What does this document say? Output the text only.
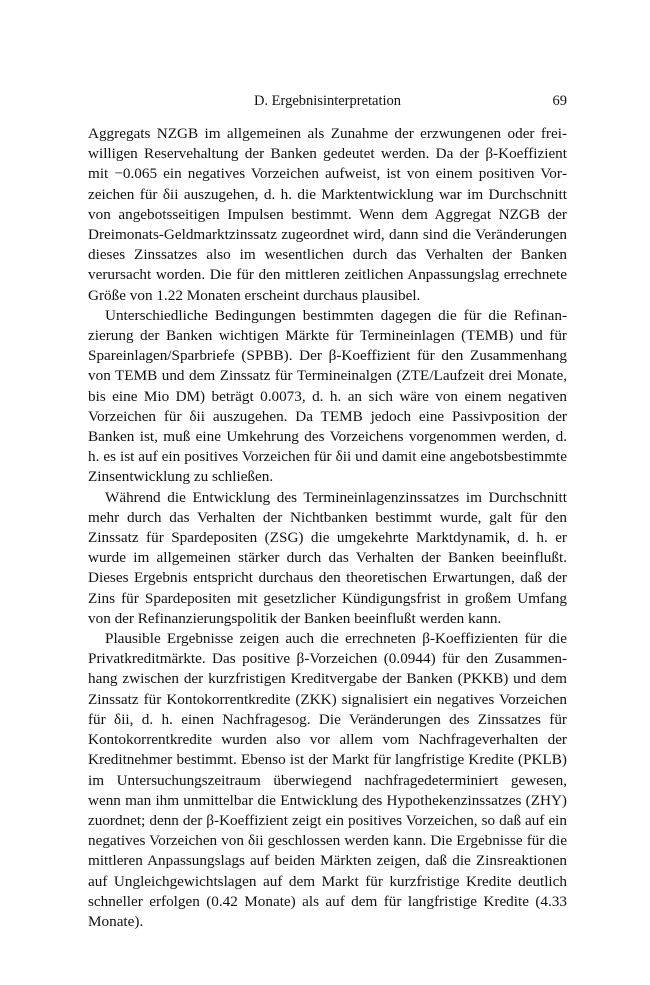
D. Ergebnisinterpretation	69

Aggregats NZGB im allgemeinen als Zunahme der erzwungenen oder freiwilligen Reservehaltung der Banken gedeutet werden. Da der β-Koeffizient mit −0.065 ein negatives Vorzeichen aufweist, ist von einem positiven Vorzeichen für δii auszugehen, d. h. die Marktentwicklung war im Durchschnitt von angebotsseitigen Impulsen bestimmt. Wenn dem Aggregat NZGB der Dreimonats-Geldmarktzinssatz zugeordnet wird, dann sind die Veränderungen dieses Zinssatzes also im wesentlichen durch das Verhalten der Banken verursacht worden. Die für den mittleren zeitlichen Anpassungslag errechnete Größe von 1.22 Monaten erscheint durchaus plausibel.

Unterschiedliche Bedingungen bestimmten dagegen die für die Refinanzierung der Banken wichtigen Märkte für Termineinlagen (TEMB) und für Spareinlagen/Sparbriefe (SPBB). Der β-Koeffizient für den Zusammenhang von TEMB und dem Zinssatz für Termineinalgen (ZTE/Laufzeit drei Monate, bis eine Mio DM) beträgt 0.0073, d. h. an sich wäre von einem negativen Vorzeichen für δii auszugehen. Da TEMB jedoch eine Passivposition der Banken ist, muß eine Umkehrung des Vorzeichens vorgenommen werden, d. h. es ist auf ein positives Vorzeichen für δii und damit eine angebotsbestimmte Zinsentwicklung zu schließen.

Während die Entwicklung des Termineinlagenzinssatzes im Durchschnitt mehr durch das Verhalten der Nichtbanken bestimmt wurde, galt für den Zinssatz für Spardepositen (ZSG) die umgekehrte Marktdynamik, d. h. er wurde im allgemeinen stärker durch das Verhalten der Banken beeinflußt. Dieses Ergebnis entspricht durchaus den theoretischen Erwartungen, daß der Zins für Spardepositen mit gesetzlicher Kündigungsfrist in großem Umfang von der Refinanzierungspolitik der Banken beeinflußt werden kann.

Plausible Ergebnisse zeigen auch die errechneten β-Koeffizienten für die Privatkreditmärkte. Das positive β-Vorzeichen (0.0944) für den Zusammenhang zwischen der kurzfristigen Kreditvergabe der Banken (PKKB) und dem Zinssatz für Kontokorrentkredite (ZKK) signalisiert ein negatives Vorzeichen für δii, d. h. einen Nachfragesog. Die Veränderungen des Zinssatzes für Kontokorrentkredite wurden also vor allem vom Nachfrageverhalten der Kreditnehmer bestimmt. Ebenso ist der Markt für langfristige Kredite (PKLB) im Untersuchungszeitraum überwiegend nachfragedeterminiert gewesen, wenn man ihm unmittelbar die Entwicklung des Hypothekenzinssatzes (ZHY) zuordnet; denn der β-Koeffizient zeigt ein positives Vorzeichen, so daß auf ein negatives Vorzeichen von δii geschlossen werden kann. Die Ergebnisse für die mittleren Anpassungslags auf beiden Märkten zeigen, daß die Zinsreaktionen auf Ungleichgewichtslagen auf dem Markt für kurzfristige Kredite deutlich schneller erfolgen (0.42 Monate) als auf dem für langfristige Kredite (4.33 Monate).
